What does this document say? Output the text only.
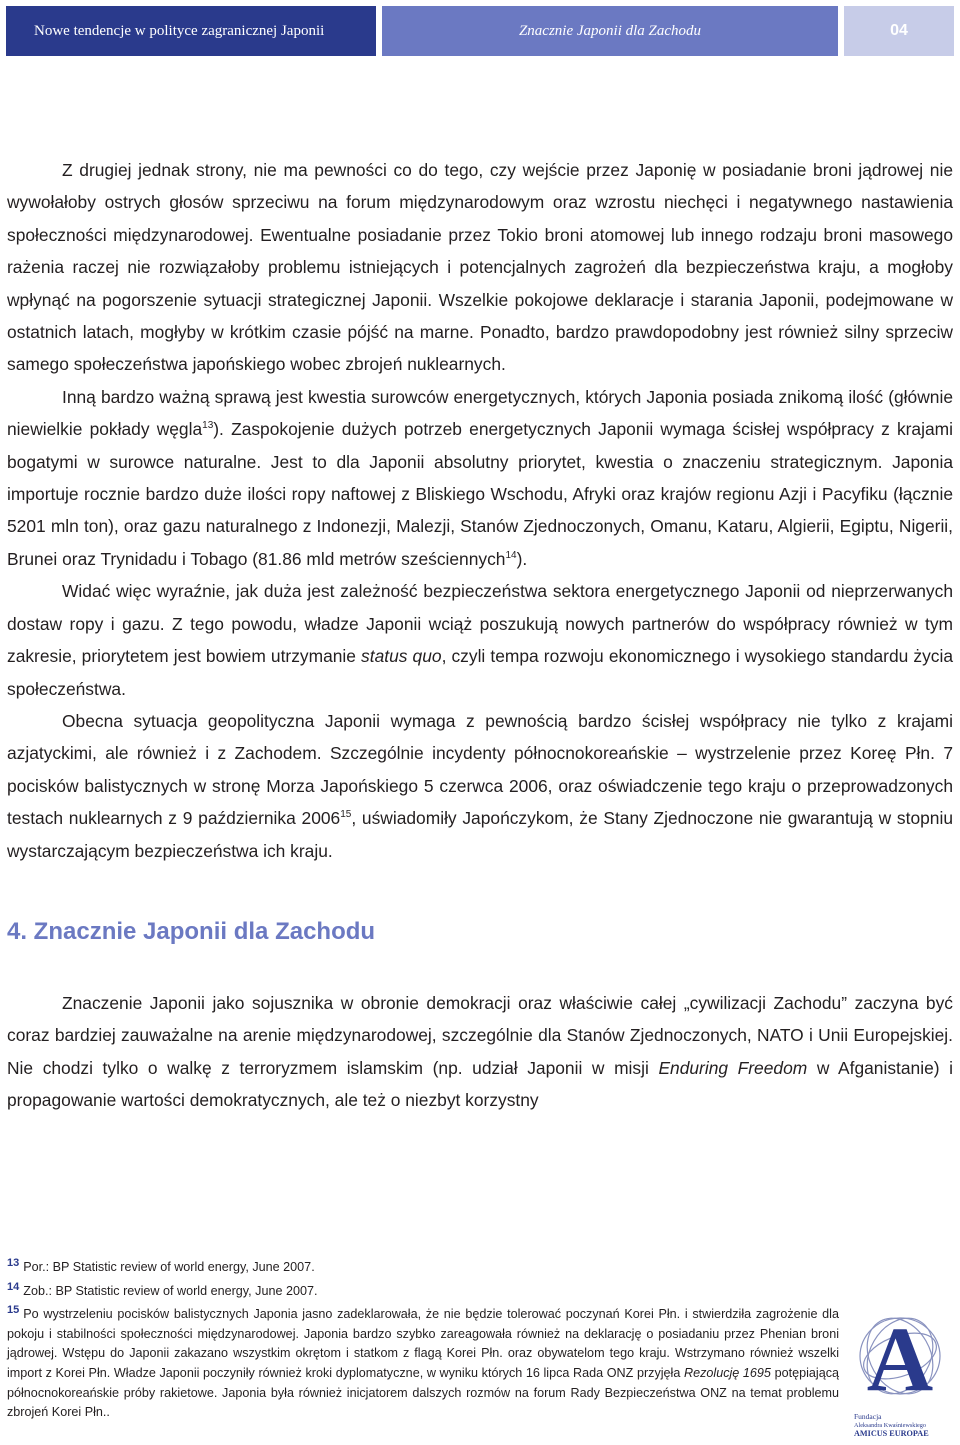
Nowe tendencje w polityce zagranicznej Japonii	Znacznie Japonii dla Zachodu	04

Z drugiej jednak strony, nie ma pewności co do tego, czy wejście przez Japonię w posiadanie broni jądrowej nie wywołałoby ostrych głosów sprzeciwu na forum międzynarodowym oraz wzrostu niechęci i negatywnego nastawienia społeczności międzynarodowej. Ewentualne posiadanie przez Tokio broni atomowej lub innego rodzaju broni masowego rażenia raczej nie rozwiązałoby problemu istniejących i potencjalnych zagrożeń dla bezpieczeństwa kraju, a mogłoby wpłynąć na pogorszenie sytuacji strategicznej Japonii. Wszelkie pokojowe deklaracje i starania Japonii, podejmowane w ostatnich latach, mogłyby w krótkim czasie pójść na marne. Ponadto, bardzo prawdopodobny jest również silny sprzeciw samego społeczeństwa japońskiego wobec zbrojeń nuklearnych.

Inną bardzo ważną sprawą jest kwestia surowców energetycznych, których Japonia posiada znikomą ilość (głównie niewielkie pokłady węgla$^{13}$). Zaspokojenie dużych potrzeb energetycznych Japonii wymaga ścisłej współpracy z krajami bogatymi w surowce naturalne. Jest to dla Japonii absolutny priorytet, kwestia o znaczeniu strategicznym. Japonia importuje rocznie bardzo duże ilości ropy naftowej z Bliskiego Wschodu, Afryki oraz krajów regionu Azji i Pacyfiku (łącznie 5201 mln ton), oraz gazu naturalnego z Indonezji, Malezji, Stanów Zjednoczonych, Omanu, Kataru, Algierii, Egiptu, Nigerii, Brunei oraz Trynidadu i Tobago (81.86 mld metrów sześciennych$^{14}$).

Widać więc wyraźnie, jak duża jest zależność bezpieczeństwa sektora energetycznego Japonii od nieprzerwanych dostaw ropy i gazu. Z tego powodu, władze Japonii wciąż poszukują nowych partnerów do współpracy również w tym zakresie, priorytetem jest bowiem utrzymanie status quo, czyli tempa rozwoju ekonomicznego i wysokiego standardu życia społeczeństwa.

Obecna sytuacja geopolityczna Japonii wymaga z pewnością bardzo ścisłej współpracy nie tylko z krajami azjatyckimi, ale również i z Zachodem. Szczególnie incydenty północnokoreańskie – wystrzelenie przez Koreę Płn. 7 pocisków balistycznych w stronę Morza Japońskiego 5 czerwca 2006, oraz oświadczenie tego kraju o przeprowadzonych testach nuklearnych z 9 października 2006$^{15}$, uświadomiły Japończykom, że Stany Zjednoczone nie gwarantują w stopniu wystarczającym bezpieczeństwa ich kraju.

4. Znacznie Japonii dla Zachodu

Znaczenie Japonii jako sojusznika w obronie demokracji oraz właściwie całej „cywilizacji Zachodu” zaczyna być coraz bardziej zauważalne na arenie międzynarodowej, szczególnie dla Stanów Zjednoczonych, NATO i Unii Europejskiej. Nie chodzi tylko o walkę z terroryzmem islamskim (np. udział Japonii w misji Enduring Freedom w Afganistanie) i propagowanie wartości demokratycznych, ale też o niezbyt korzystny

13 Por.: BP Statistic review of world energy, June 2007.

14 Zob.: BP Statistic review of world energy, June 2007.

15 Po wystrzeleniu pocisków balistycznych Japonia jasno zadeklarowała, że nie będzie tolerować poczynań Korei Płn. i stwierdziła zagrożenie dla pokoju i stabilności społeczności międzynarodowej. Japonia bardzo szybko zareagowała również na deklarację o posiadaniu przez Phenian broni jądrowej. Wstępu do Japonii zakazano wszystkim okrętom i statkom z flagą Korei Płn. oraz obywatelom tego kraju. Wstrzymano również wszelki import z Korei Płn. Władze Japonii poczyniły również kroki dyplomatyczne, w wyniku których 16 lipca Rada ONZ przyjęła Rezolucję 1695 potępiającą północnokoreańskie próby rakietowe. Japonia była również inicjatorem dalszych rozmów na forum Rady Bezpieczeństwa ONZ na temat problemu zbrojeń Korei Płn..

A
Fundacja
Aleksandra Kwaśniewskiego
AMICUS EUROPAE
